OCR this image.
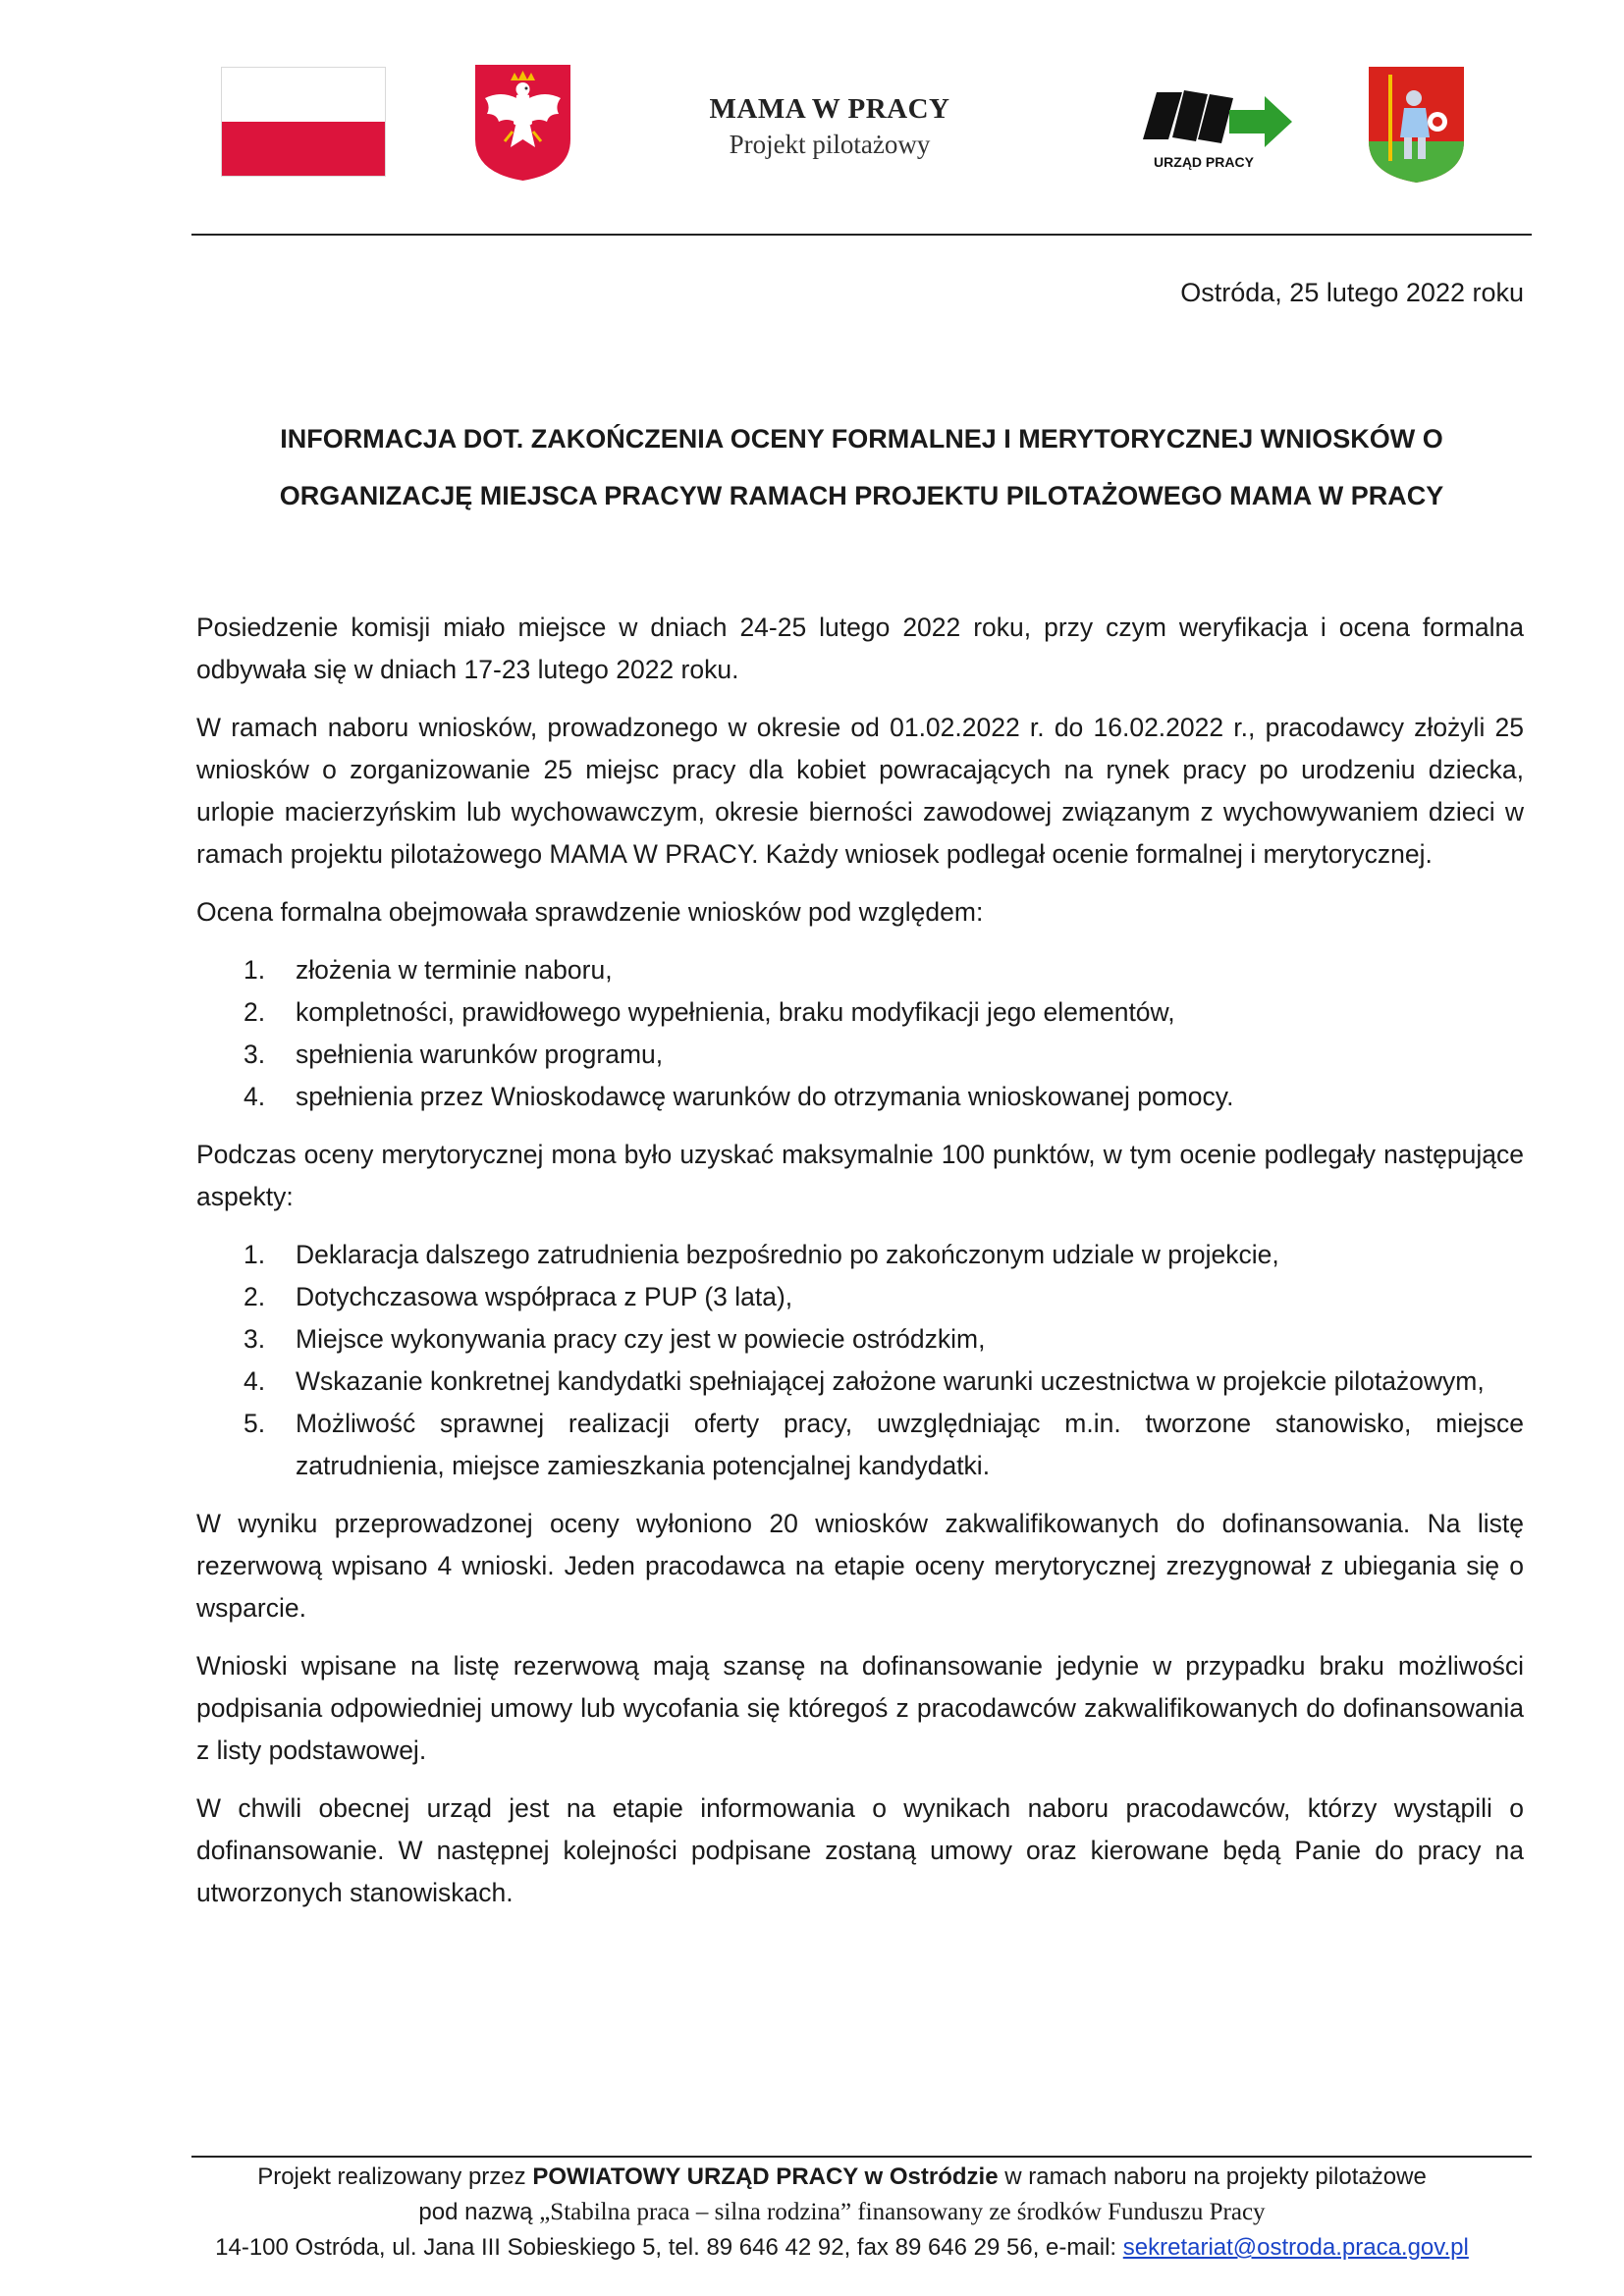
MAMA W PRACY
Projekt pilotażowy
URZĄD PRACY
Ostróda, 25 lutego 2022 roku
INFORMACJA DOT. ZAKOŃCZENIA OCENY FORMALNEJ I MERYTORYCZNEJ WNIOSKÓW O
ORGANIZACJĘ MIEJSCA PRACYW RAMACH PROJEKTU PILOTAŻOWEGO MAMA W PRACY

Posiedzenie komisji miało miejsce w dniach 24-25 lutego 2022 roku, przy czym weryfikacja i ocena formalna odbywała się w dniach 17-23 lutego 2022 roku.

W ramach naboru wniosków, prowadzonego w okresie od 01.02.2022 r. do 16.02.2022 r., pracodawcy złożyli 25 wniosków o zorganizowanie 25 miejsc pracy dla kobiet powracających na rynek pracy po urodzeniu dziecka, urlopie macierzyńskim lub wychowawczym, okresie bierności zawodowej związanym z wychowywaniem dzieci w ramach projektu pilotażowego MAMA W PRACY. Każdy wniosek podlegał ocenie formalnej i merytorycznej.

Ocena formalna obejmowała sprawdzenie wniosków pod względem:

1. złożenia w terminie naboru,
2. kompletności, prawidłowego wypełnienia, braku modyfikacji jego elementów,
3. spełnienia warunków programu,
4. spełnienia przez Wnioskodawcę warunków do otrzymania wnioskowanej pomocy.

Podczas oceny merytorycznej mona było uzyskać maksymalnie 100 punktów, w tym ocenie podlegały następujące aspekty:

1. Deklaracja dalszego zatrudnienia bezpośrednio po zakończonym udziale w projekcie,
2. Dotychczasowa współpraca z PUP (3 lata),
3. Miejsce wykonywania pracy czy jest w powiecie ostródzkim,
4. Wskazanie konkretnej kandydatki spełniającej założone warunki uczestnictwa w projekcie pilotażowym,
5. Możliwość sprawnej realizacji oferty pracy, uwzględniając m.in. tworzone stanowisko, miejsce zatrudnienia, miejsce zamieszkania potencjalnej kandydatki.

W wyniku przeprowadzonej oceny wyłoniono 20 wniosków zakwalifikowanych do dofinansowania. Na listę rezerwową wpisano 4 wnioski. Jeden pracodawca na etapie oceny merytorycznej zrezygnował z ubiegania się o wsparcie.

Wnioski wpisane na listę rezerwową mają szansę na dofinansowanie jedynie w przypadku braku możliwości podpisania odpowiedniej umowy lub wycofania się któregoś z pracodawców zakwalifikowanych do dofinansowania z listy podstawowej.

W chwili obecnej urząd jest na etapie informowania o wynikach naboru pracodawców, którzy wystąpili o dofinansowanie. W następnej kolejności podpisane zostaną umowy oraz kierowane będą Panie do pracy na utworzonych stanowiskach.

Projekt realizowany przez POWIATOWY URZĄD PRACY w Ostródzie w ramach naboru na projekty pilotażowe
pod nazwą „Stabilna praca – silna rodzina” finansowany ze środków Funduszu Pracy
14-100 Ostróda, ul. Jana III Sobieskiego 5, tel. 89 646 42 92, fax 89 646 29 56, e-mail: sekretariat@ostroda.praca.gov.pl
